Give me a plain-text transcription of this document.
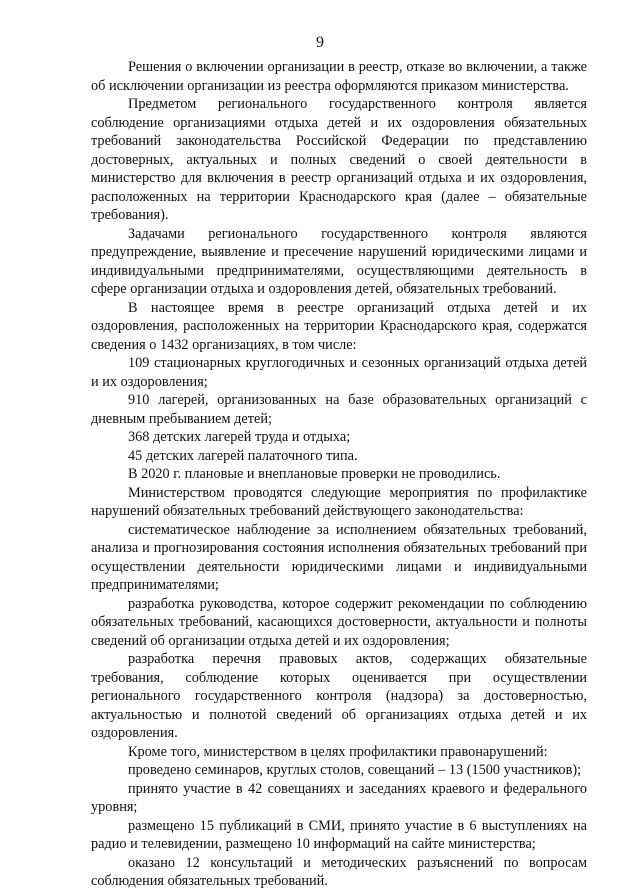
9

Решения о включении организации в реестр, отказе во включении, а также об исключении организации из реестра оформляются приказом министерства.

Предметом регионального государственного контроля является соблюдение организациями отдыха детей и их оздоровления обязательных требований законодательства Российской Федерации по представлению достоверных, актуальных и полных сведений о своей деятельности в министерство для включения в реестр организаций отдыха и их оздоровления, расположенных на территории Краснодарского края (далее – обязательные требования).

Задачами регионального государственного контроля являются предупреждение, выявление и пресечение нарушений юридическими лицами и индивидуальными предпринимателями, осуществляющими деятельность в сфере организации отдыха и оздоровления детей, обязательных требований.

В настоящее время в реестре организаций отдыха детей и их оздоровления, расположенных на территории Краснодарского края, содержатся сведения о 1432 организациях, в том числе:

109 стационарных круглогодичных и сезонных организаций отдыха детей и их оздоровления;

910 лагерей, организованных на базе образовательных организаций с дневным пребыванием детей;

368 детских лагерей труда и отдыха;

45 детских лагерей палаточного типа.

В 2020 г. плановые и внеплановые проверки не проводились.

Министерством проводятся следующие мероприятия по профилактике нарушений обязательных требований действующего законодательства:

систематическое наблюдение за исполнением обязательных требований, анализа и прогнозирования состояния исполнения обязательных требований при осуществлении деятельности юридическими лицами и индивидуальными предпринимателями;

разработка руководства, которое содержит рекомендации по соблюдению обязательных требований, касающихся достоверности, актуальности и полноты сведений об организации отдыха детей и их оздоровления;

разработка перечня правовых актов, содержащих обязательные требования, соблюдение которых оценивается при осуществлении регионального государственного контроля (надзора) за достоверностью, актуальностью и полнотой сведений об организациях отдыха детей и их оздоровления.

Кроме того, министерством в целях профилактики правонарушений:

проведено семинаров, круглых столов, совещаний – 13 (1500 участников);

принято участие в 42 совещаниях и заседаниях краевого и федерального уровня;

размещено 15 публикаций в СМИ, принято участие в 6 выступлениях на радио и телевидении, размещено 10 информаций на сайте министерства;

оказано 12 консультаций и методических разъяснений по вопросам соблюдения обязательных требований.
